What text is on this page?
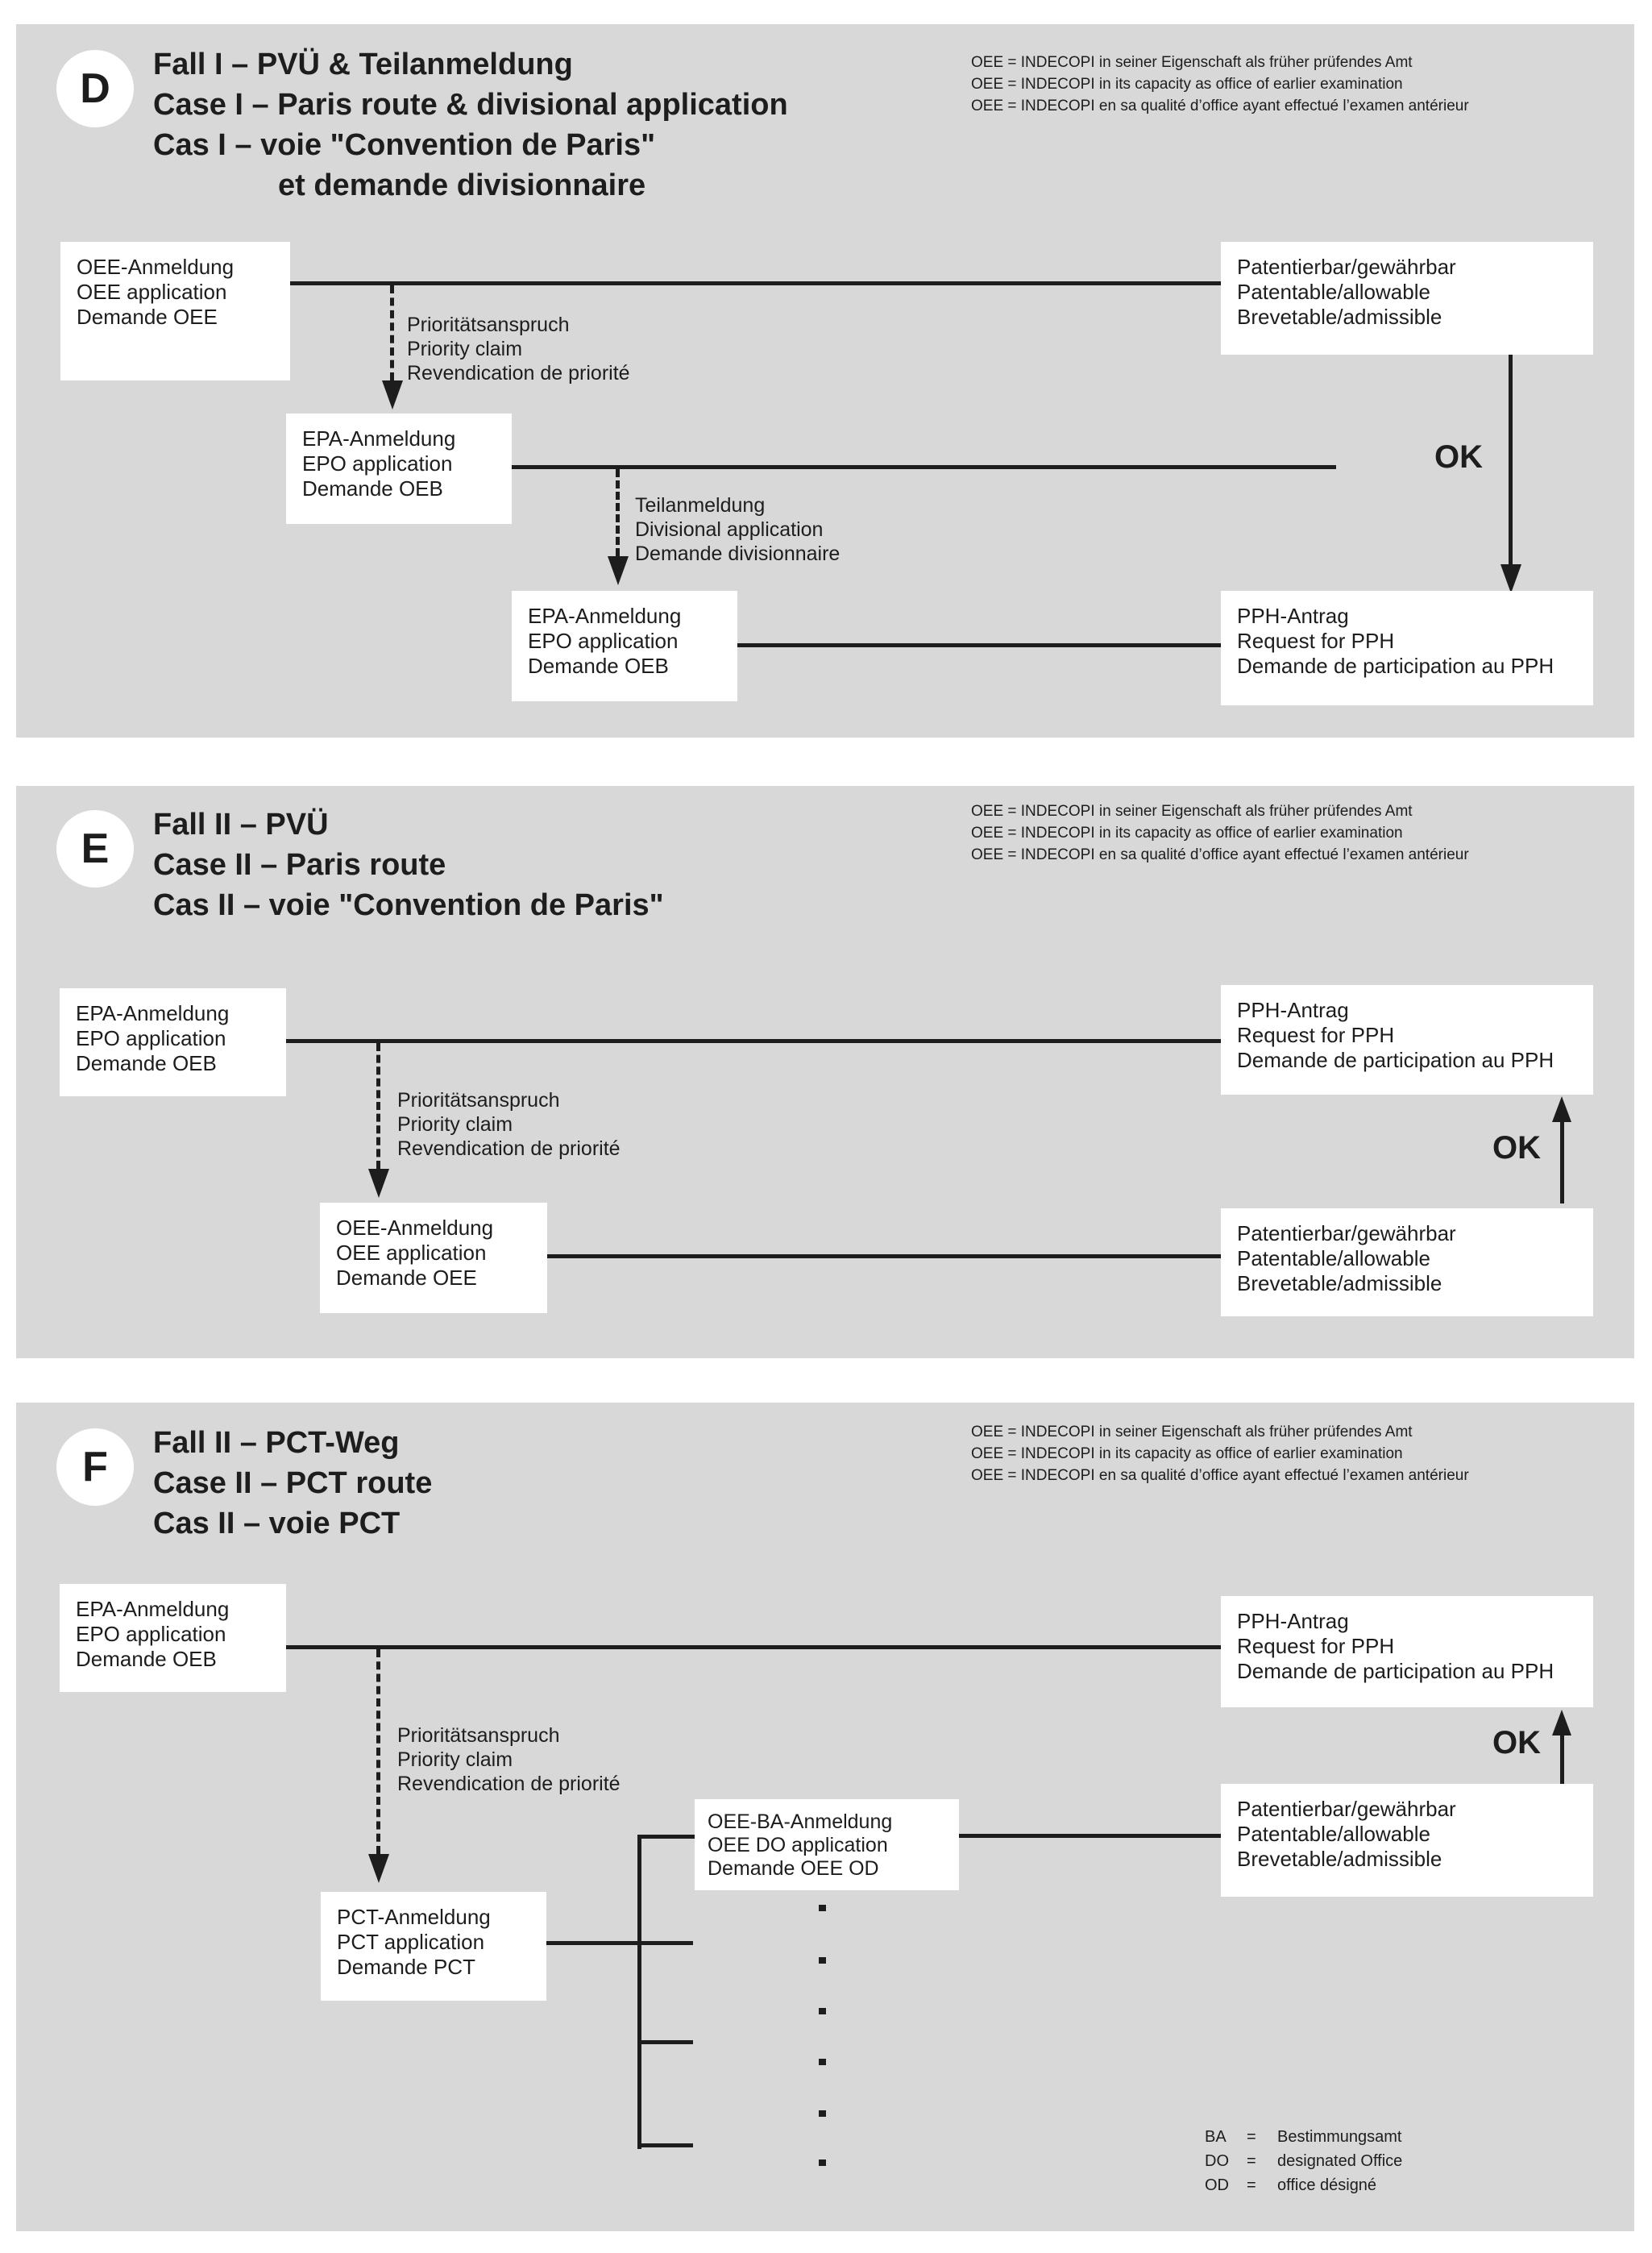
D
Fall I – PVÜ & Teilanmeldung
Case I – Paris route & divisional application
Cas I – voie "Convention de Paris"
et demande divisionnaire
OEE = INDECOPI in seiner Eigenschaft als früher prüfendes Amt
OEE = INDECOPI in its capacity as office of earlier examination
OEE = INDECOPI en sa qualité d’office ayant effectué l’examen antérieur
OEE-Anmeldung
OEE application
Demande OEE	Prioritätsanspruch
Priority claim
Revendication de priorité
EPA-Anmeldung
EPO application
Demande OEB
Teilanmeldung
Divisional application
Demande divisionnaire
EPA-Anmeldung
EPO application
Demande OEB
Patentierbar/gewährbar
Patentable/allowable
Brevetable/admissible
OK
PPH-Antrag
Request for PPH
Demande de participation au PPH
E
Fall II – PVÜ
Case II – Paris route
Cas II – voie "Convention de Paris"
OEE = INDECOPI in seiner Eigenschaft als früher prüfendes Amt
OEE = INDECOPI in its capacity as office of earlier examination
OEE = INDECOPI en sa qualité d’office ayant effectué l’examen antérieur
EPA-Anmeldung
EPO application
Demande OEB
Prioritätsanspruch
Priority claim
Revendication de priorité
OEE-Anmeldung
OEE application
Demande OEE
PPH-Antrag
Request for PPH
Demande de participation au PPH
Patentierbar/gewährbar
Patentable/allowable
Brevetable/admissible
OK
F
Fall II – PCT-Weg
Case II – PCT route
Cas II – voie PCT
OEE = INDECOPI in seiner Eigenschaft als früher prüfendes Amt
OEE = INDECOPI in its capacity as office of earlier examination
OEE = INDECOPI en sa qualité d’office ayant effectué l’examen antérieur
EPA-Anmeldung
EPO application
Demande OEB
Prioritätsanspruch
Priority claim
Revendication de priorité
PCT-Anmeldung
PCT application
Demande PCT
OEE-BA-Anmeldung
OEE DO application
Demande OEE OD
PPH-Antrag
Request for PPH
Demande de participation au PPH
Patentierbar/gewährbar
Patentable/allowable
Brevetable/admissible
OK
BA	=	Bestimmungsamt
DO	=	designated Office
OD	=	office désigné
